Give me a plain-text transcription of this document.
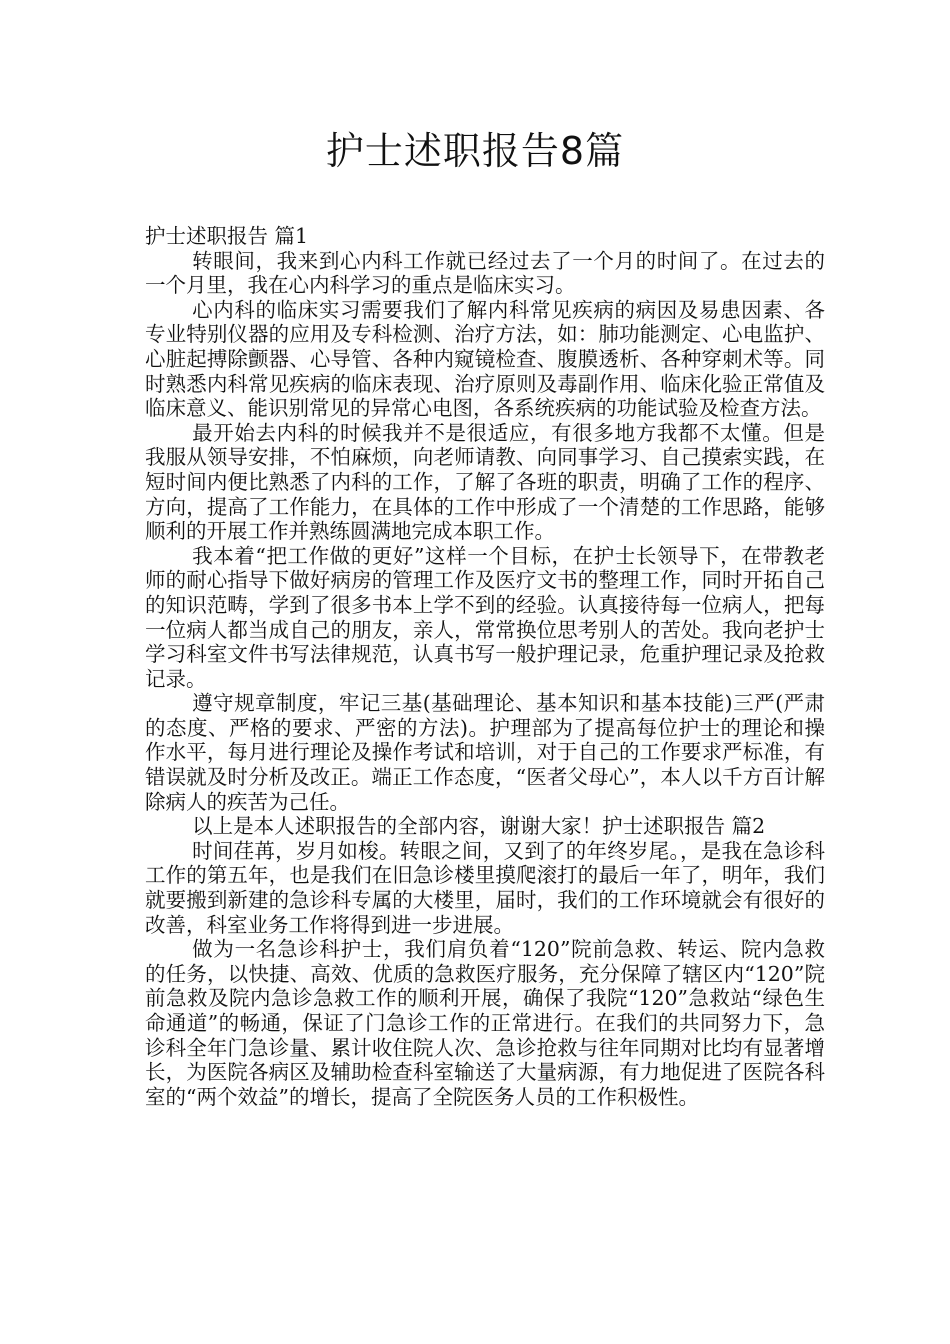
护士述职报告8篇

护士述职报告 篇1

转眼间，我来到心内科工作就已经过去了一个月的时间了。在过去的一个月里，我在心内科学习的重点是临床实习。

心内科的临床实习需要我们了解内科常见疾病的病因及易患因素、各专业特别仪器的应用及专科检测、治疗方法，如：肺功能测定、心电监护、心脏起搏除颤器、心导管、各种内窥镜检查、腹膜透析、各种穿刺术等。同时熟悉内科常见疾病的临床表现、治疗原则及毒副作用、临床化验正常值及临床意义、能识别常见的异常心电图，各系统疾病的功能试验及检查方法。

最开始去内科的时候我并不是很适应，有很多地方我都不太懂。但是我服从领导安排，不怕麻烦，向老师请教、向同事学习、自己摸索实践，在短时间内便比熟悉了内科的工作，了解了各班的职责，明确了工作的程序、方向，提高了工作能力，在具体的工作中形成了一个清楚的工作思路，能够顺利的开展工作并熟练圆满地完成本职工作。

我本着“把工作做的更好”这样一个目标，在护士长领导下，在带教老师的耐心指导下做好病房的管理工作及医疗文书的整理工作，同时开拓自己的知识范畴，学到了很多书本上学不到的经验。认真接待每一位病人，把每一位病人都当成自己的朋友，亲人，常常换位思考别人的苦处。我向老护士学习科室文件书写法律规范，认真书写一般护理记录，危重护理记录及抢救记录。

遵守规章制度，牢记三基(基础理论、基本知识和基本技能)三严(严肃的态度、严格的要求、严密的方法)。护理部为了提高每位护士的理论和操作水平，每月进行理论及操作考试和培训，对于自己的工作要求严标准，有错误就及时分析及改正。端正工作态度，“医者父母心”，本人以千方百计解除病人的疾苦为己任。

以上是本人述职报告的全部内容，谢谢大家！护士述职报告 篇2

时间荏苒，岁月如梭。转眼之间，又到了的年终岁尾。，是我在急诊科工作的第五年，也是我们在旧急诊楼里摸爬滚打的最后一年了，明年，我们就要搬到新建的急诊科专属的大楼里，届时，我们的工作环境就会有很好的改善，科室业务工作将得到进一步进展。

做为一名急诊科护士，我们肩负着“120”院前急救、转运、院内急救的任务，以快捷、高效、优质的急救医疗服务，充分保障了辖区内“120”院前急救及院内急诊急救工作的顺利开展，确保了我院“120”急救站“绿色生命通道”的畅通，保证了门急诊工作的正常进行。在我们的共同努力下，急诊科全年门急诊量、累计收住院人次、急诊抢救与往年同期对比均有显著增长，为医院各病区及辅助检查科室输送了大量病源，有力地促进了医院各科室的“两个效益”的增长，提高了全院医务人员的工作积极性。
